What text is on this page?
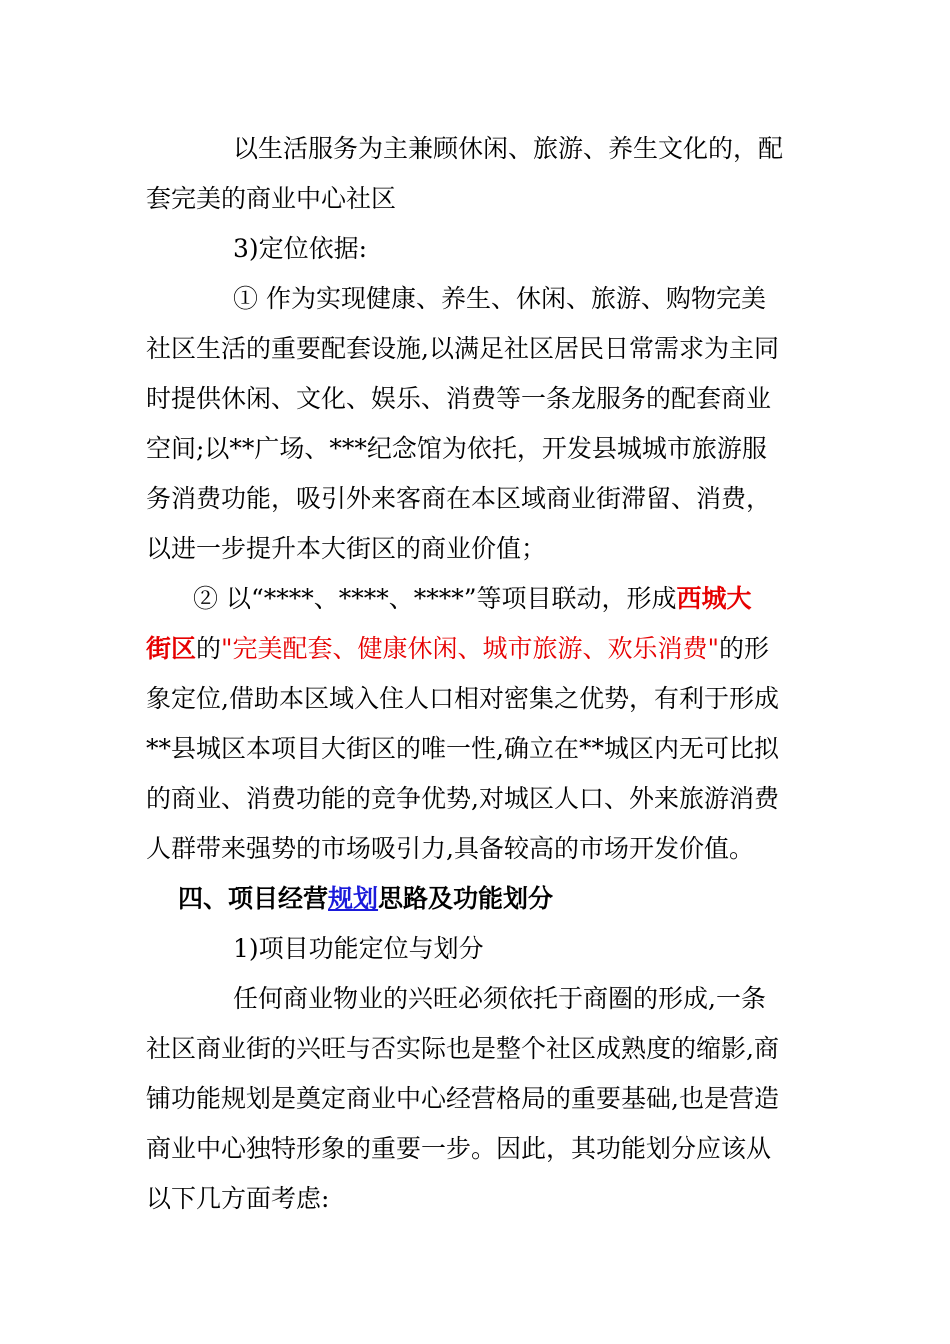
以生活服务为主兼顾休闲、旅游、养生文化的，配
套完美的商业中心社区
3)定位依据:
① 作为实现健康、养生、休闲、旅游、购物完美
社区生活的重要配套设施,以满足社区居民日常需求为主同
时提供休闲、文化、娱乐、消费等一条龙服务的配套商业
空间;以**广场、***纪念馆为依托，开发县城城市旅游服
务消费功能，吸引外来客商在本区域商业街滞留、消费，
以进一步提升本大街区的商业价值；
② 以“****、****、****”等项目联动，形成西城大
街区的"完美配套、健康休闲、城市旅游、欢乐消费"的形
象定位,借助本区域入住人口相对密集之优势，有利于形成
**县城区本项目大街区的唯一性,确立在**城区内无可比拟
的商业、消费功能的竞争优势,对城区人口、外来旅游消费
人群带来强势的市场吸引力,具备较高的市场开发价值。
四、项目经营规划思路及功能划分
1)项目功能定位与划分
任何商业物业的兴旺必须依托于商圈的形成,一条
社区商业街的兴旺与否实际也是整个社区成熟度的缩影,商
铺功能规划是奠定商业中心经营格局的重要基础,也是营造
商业中心独特形象的重要一步。因此，其功能划分应该从
以下几方面考虑:
